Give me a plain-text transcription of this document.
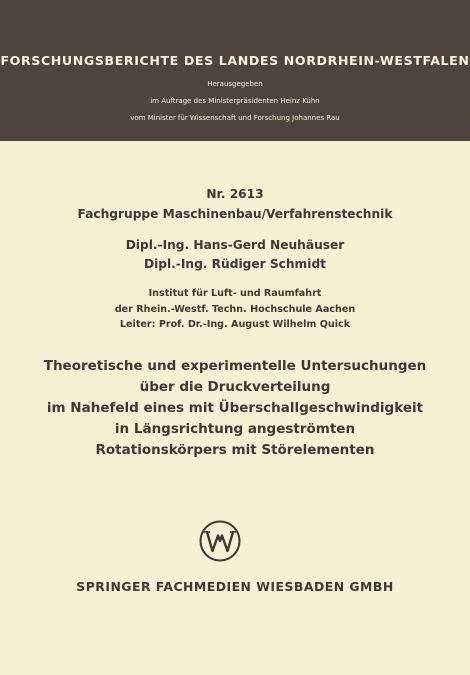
FORSCHUNGSBERICHTE DES LANDES NORDRHEIN-WESTFALEN
Herausgegeben
im Auftrage des Ministerpräsidenten Heinz Kühn
vom Minister für Wissenschaft und Forschung Johannes Rau
Nr. 2613
Fachgruppe Maschinenbau/Verfahrenstechnik
Dipl.-Ing. Hans-Gerd Neuhäuser
Dipl.-Ing. Rüdiger Schmidt
Institut für Luft- und Raumfahrt
der Rhein.-Westf. Techn. Hochschule Aachen
Leiter: Prof. Dr.-Ing. August Wilhelm Quick
Theoretische und experimentelle Untersuchungen
über die Druckverteilung
im Nahefeld eines mit Überschallgeschwindigkeit
in Längsrichtung angeströmten
Rotationskörpers mit Störelementen
SPRINGER FACHMEDIEN WIESBADEN GMBH
